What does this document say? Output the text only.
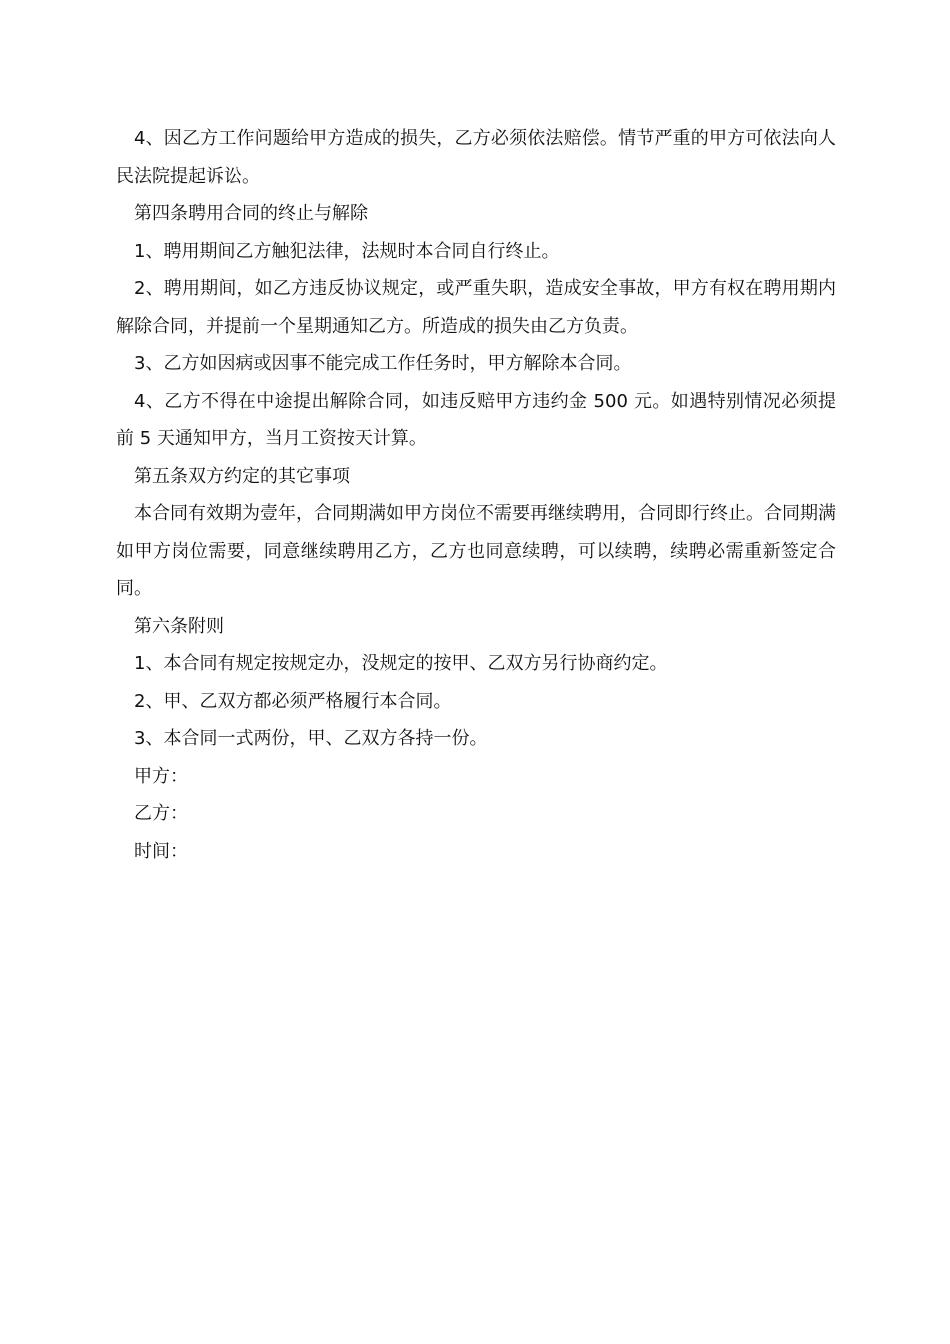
4、因乙方工作问题给甲方造成的损失，乙方必须依法赔偿。情节严重的甲方可依法向人民法院提起诉讼。

第四条聘用合同的终止与解除

1、聘用期间乙方触犯法律，法规时本合同自行终止。

2、聘用期间，如乙方违反协议规定，或严重失职，造成安全事故，甲方有权在聘用期内解除合同，并提前一个星期通知乙方。所造成的损失由乙方负责。

3、乙方如因病或因事不能完成工作任务时，甲方解除本合同。

4、乙方不得在中途提出解除合同，如违反赔甲方违约金 500 元。如遇特别情况必须提前 5 天通知甲方，当月工资按天计算。

第五条双方约定的其它事项

本合同有效期为壹年，合同期满如甲方岗位不需要再继续聘用，合同即行终止。合同期满如甲方岗位需要，同意继续聘用乙方，乙方也同意续聘，可以续聘，续聘必需重新签定合同。

第六条附则

1、本合同有规定按规定办，没规定的按甲、乙双方另行协商约定。

2、甲、乙双方都必须严格履行本合同。

3、本合同一式两份，甲、乙双方各持一份。

甲方：

乙方：

时间：
